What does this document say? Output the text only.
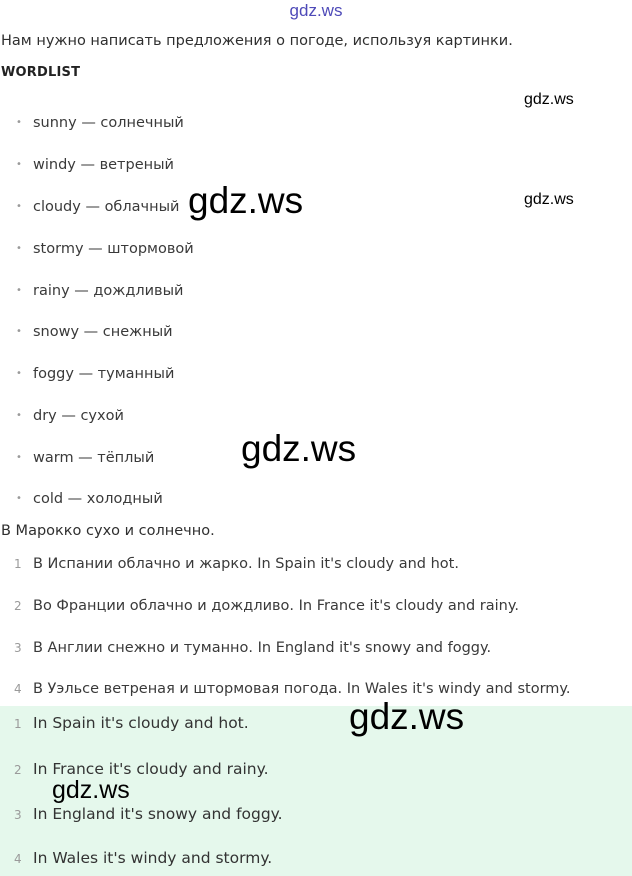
gdz.ws
Нам нужно написать предложения о погоде, используя картинки.
WORDLIST
• sunny — солнечный
• windy — ветреный
• cloudy — облачный
• stormy — штормовой
• rainy — дождливый
• snowy — снежный
• foggy — туманный
• dry — сухой
• warm — тёплый
• cold — холодный
В Марокко сухо и солнечно.
1 В Испании облачно и жарко. In Spain it's cloudy and hot.
2 Во Франции облачно и дождливо. In France it's cloudy and rainy.
3 В Англии снежно и туманно. In England it's snowy and foggy.
4 В Уэльсе ветреная и штормовая погода. In Wales it's windy and stormy.
1 In Spain it's cloudy and hot.
2 In France it's cloudy and rainy.
3 In England it's snowy and foggy.
4 In Wales it's windy and stormy.
gdz.ws
gdz.ws
gdz.ws
gdz.ws
gdz.ws
gdz.ws
